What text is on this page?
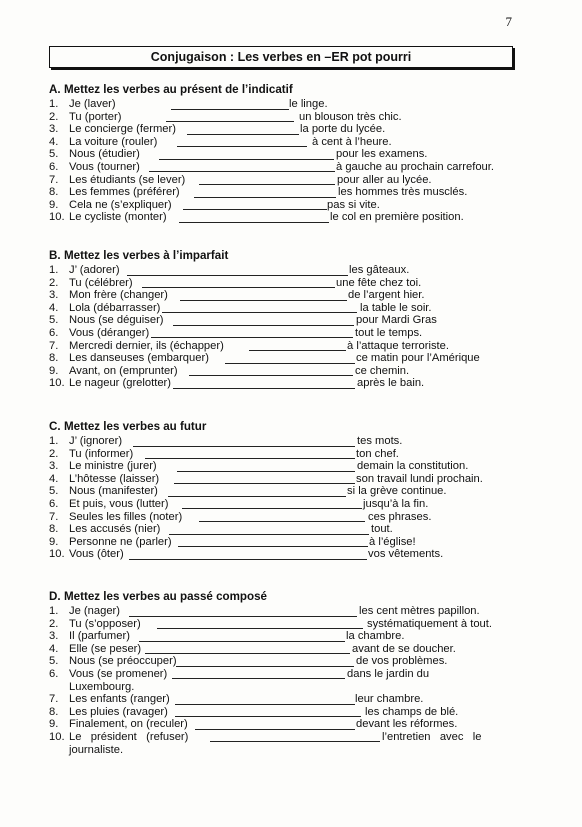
7
Conjugaison : Les verbes en –ER pot pourri
A. Mettez les verbes au présent de l’indicatif
1. Je (laver)	le linge.
2. Tu (porter)	un blouson très chic.
3. Le concierge (fermer)	la porte du lycée.
4. La voiture (rouler)	à cent à l’heure.
5. Nous (étudier)	pour les examens.
6. Vous (tourner)	à gauche au prochain carrefour.
7. Les étudiants (se lever)	pour aller au lycée.
8. Les femmes (préférer)	les hommes très musclés.
9. Cela ne (s’expliquer)	pas si vite.
10. Le cycliste (monter)	le col en première position.
B. Mettez les verbes à l’imparfait
1. J’ (adorer)	les gâteaux.
2. Tu (célébrer)	une fête chez toi.
3. Mon frère (changer)	de l’argent hier.
4. Lola (débarrasser)	la table le soir.
5. Nous (se déguiser)	pour Mardi Gras
6. Vous (déranger)	tout le temps.
7. Mercredi dernier, ils (échapper)	à l’attaque terroriste.
8. Les danseuses (embarquer)	ce matin pour l’Amérique
9. Avant, on (emprunter)	ce chemin.
10. Le nageur (grelotter)	après le bain.
C. Mettez les verbes au futur
1. J’ (ignorer)	tes mots.
2. Tu (informer)	ton chef.
3. Le ministre (jurer)	demain la constitution.
4. L’hôtesse (laisser)	son travail lundi prochain.
5. Nous (manifester)	si la grève continue.
6. Et puis, vous (lutter)	jusqu’à la fin.
7. Seules les filles (noter)	ces phrases.
8. Les accusés (nier)	tout.
9. Personne ne (parler)	à l’église!
10. Vous (ôter)	vos vêtements.
D. Mettez les verbes au passé composé
1. Je (nager)	les cent mètres papillon.
2. Tu (s’opposer)	systématiquement à tout.
3. Il (parfumer)	la chambre.
4. Elle (se peser)	avant de se doucher.
5. Nous (se préoccuper)	de vos problèmes.
6. Vous (se promener)	dans le jardin du
Luxembourg.
7. Les enfants (ranger)	leur chambre.
8. Les pluies (ravager)	les champs de blé.
9. Finalement, on (reculer)	devant les réformes.
10. Le   président   (refuser)	l’entretien   avec   le
journaliste.
